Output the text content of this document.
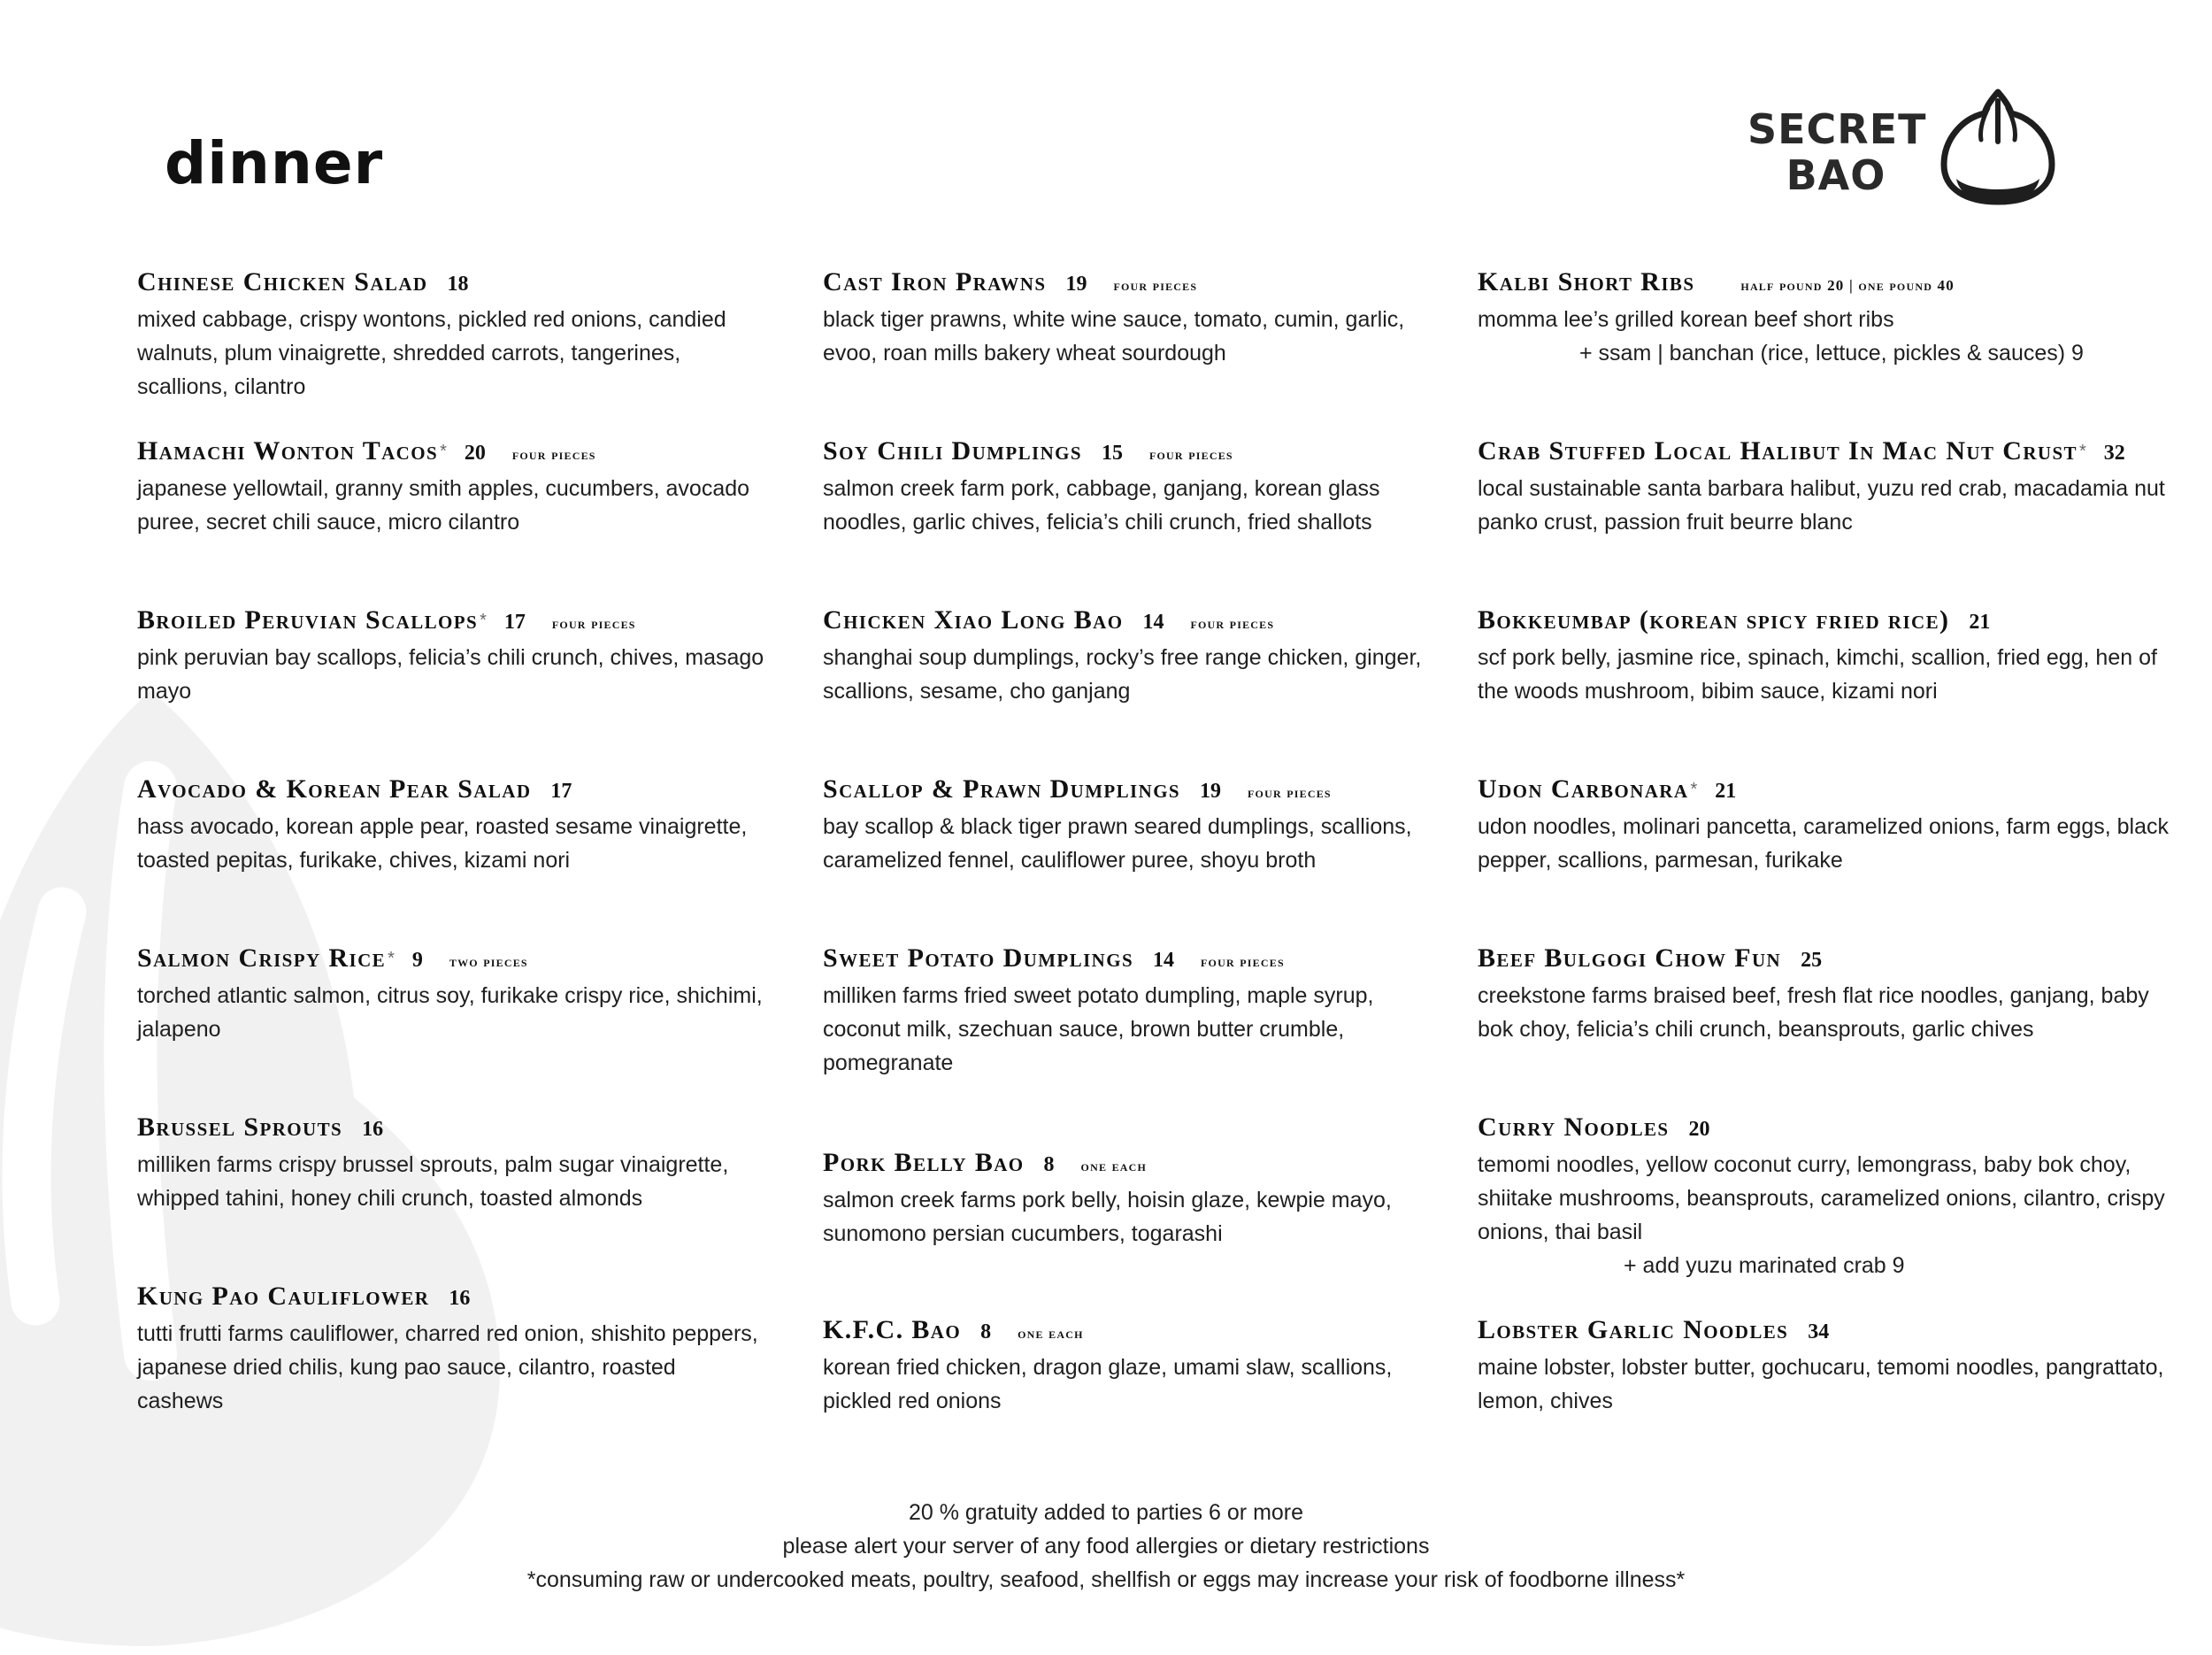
dinner	SECRET
BAO
Chinese Chicken Salad 18
mixed cabbage, crispy wontons, pickled red onions, candied walnuts, plum vinaigrette, shredded carrots, tangerines, scallions, cilantro
Hamachi Wonton Tacos * 20 four pieces
japanese yellowtail, granny smith apples, cucumbers, avocado puree, secret chili sauce, micro cilantro
Broiled Peruvian Scallops * 17 four pieces
pink peruvian bay scallops, felicia’s chili crunch, chives, masago mayo
Avocado & Korean Pear Salad 17
hass avocado, korean apple pear, roasted sesame vinaigrette, toasted pepitas, furikake, chives, kizami nori
Salmon Crispy Rice * 9 two pieces
torched atlantic salmon, citrus soy, furikake crispy rice, shichimi, jalapeno
Brussel Sprouts 16
milliken farms crispy brussel sprouts, palm sugar vinaigrette, whipped tahini, honey chili crunch, toasted almonds
Kung Pao Cauliflower 16
tutti frutti farms cauliflower, charred red onion, shishito peppers, japanese dried chilis, kung pao sauce, cilantro, roasted cashews
Cast Iron Prawns 19 four pieces
black tiger prawns, white wine sauce, tomato, cumin, garlic, evoo, roan mills bakery wheat sourdough
Soy Chili Dumplings 15 four pieces
salmon creek farm pork, cabbage, ganjang, korean glass noodles, garlic chives, felicia’s chili crunch, fried shallots
Chicken Xiao Long Bao 14 four pieces
shanghai soup dumplings, rocky’s free range chicken, ginger, scallions, sesame, cho ganjang
Scallop & Prawn Dumplings 19 four pieces
bay scallop & black tiger prawn seared dumplings, scallions, caramelized fennel, cauliflower puree, shoyu broth
Sweet Potato Dumplings 14 four pieces
milliken farms fried sweet potato dumpling, maple syrup, coconut milk, szechuan sauce, brown butter crumble, pomegranate
Pork Belly Bao 8 one each
salmon creek farms pork belly, hoisin glaze, kewpie mayo, sunomono persian cucumbers, togarashi
K.F.C. Bao 8 one each
korean fried chicken, dragon glaze, umami slaw, scallions, pickled red onions
Kalbi Short Ribs	half pound 20 | one pound 40
momma lee’s grilled korean beef short ribs
+ ssam | banchan (rice, lettuce, pickles & sauces) 9
Crab Stuffed Local Halibut In Mac Nut Crust * 32
local sustainable santa barbara halibut, yuzu red crab, macadamia nut panko crust, passion fruit beurre blanc
Bokkeumbap (korean spicy fried rice) 21
scf pork belly, jasmine rice, spinach, kimchi, scallion, fried egg, hen of the woods mushroom, bibim sauce, kizami nori
Udon Carbonara * 21
udon noodles, molinari pancetta, caramelized onions, farm eggs, black pepper, scallions, parmesan, furikake
Beef Bulgogi Chow Fun 25
creekstone farms braised beef, fresh flat rice noodles, ganjang, baby bok choy, felicia’s chili crunch, beansprouts, garlic chives
Curry Noodles 20
temomi noodles, yellow coconut curry, lemongrass, baby bok choy, shiitake mushrooms, beansprouts, caramelized onions, cilantro, crispy onions, thai basil
+ add yuzu marinated crab 9
Lobster Garlic Noodles 34
maine lobster, lobster butter, gochucaru, temomi noodles, pangrattato, lemon, chives
20 % gratuity added to parties 6 or more
please alert your server of any food allergies or dietary restrictions
*consuming raw or undercooked meats, poultry, seafood, shellfish or eggs may increase your risk of foodborne illness*
